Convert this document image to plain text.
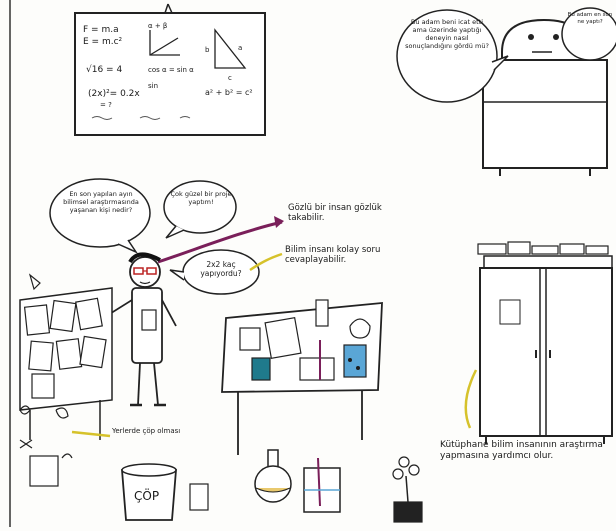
F = m.a
E = m.c²
√16 = 4
(2x)²= 0.2x
= ?
α + β
cos α = sin α
sin
b	a
c
a² + b² = c²
Bu adam beni icat etti ama üzerinde yaptığı deneyin nasıl sonuçlandığını gördü mü?
Bu adam en son ne yaptı?
En son yapılan ayın bilimsel araştırmasında yaşanan kişi nedir?
Çok güzel bir proje yaptım!
2x2 kaç yapıyordu?
Gözlü bir insan gözlük takabilir.
Bilim insanı kolay soru cevaplayabilir.
Yerlerde çöp olması
ÇÖP
Kütüphane bilim insanının araştırma yapmasına yardımcı olur.
